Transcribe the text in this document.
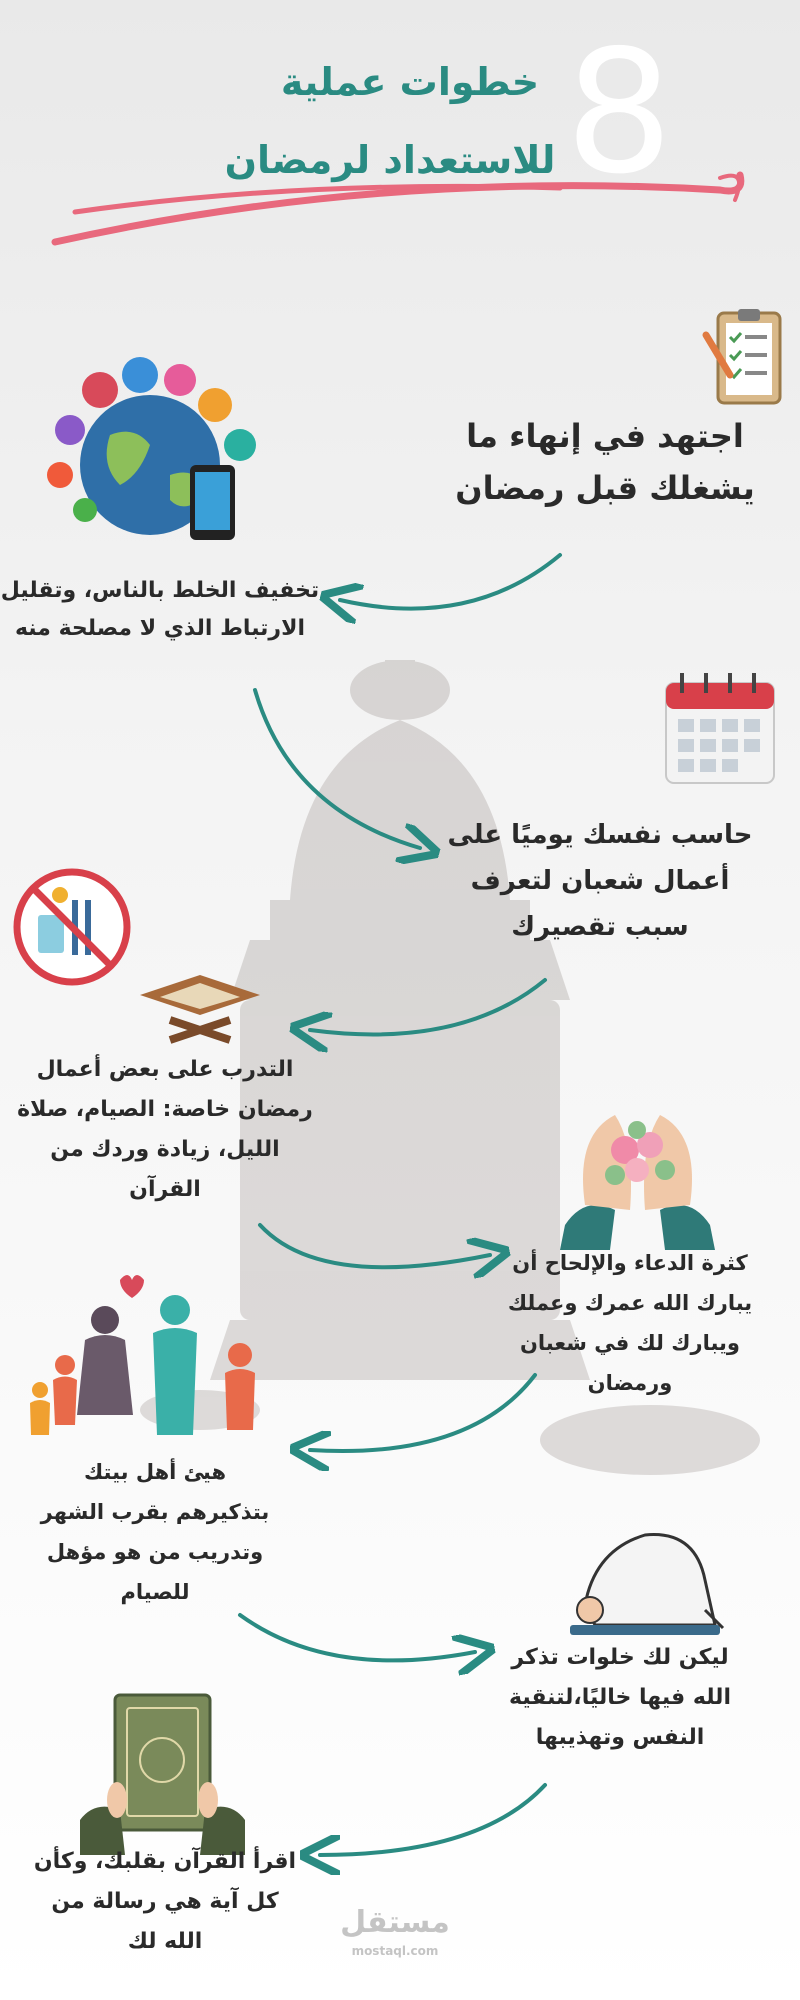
8
خطوات عملية
للاستعداد لرمضان
اجتهد في إنهاء ما
يشغلك قبل رمضان
تخفيف الخلط بالناس، وتقليل
الارتباط الذي لا مصلحة منه
حاسب نفسك يوميًا على
أعمال شعبان لتعرف
سبب تقصيرك
التدرب على بعض أعمال
رمضان خاصة: الصيام، صلاة
الليل، زيادة وردك من القرآن
كثرة الدعاء والإلحاح أن
يبارك الله عمرك وعملك
ويبارك لك في شعبان
ورمضان
هيئ أهل بيتك
بتذكيرهم بقرب الشهر
وتدريب من هو مؤهل
للصيام
ليكن لك خلوات تذكر
الله فيها خاليًا،لتنقية
النفس وتهذيبها
اقرأ القرآن بقلبك، وكأن
كل آية هي رسالة من
الله لك
مستقل
mostaql.com
